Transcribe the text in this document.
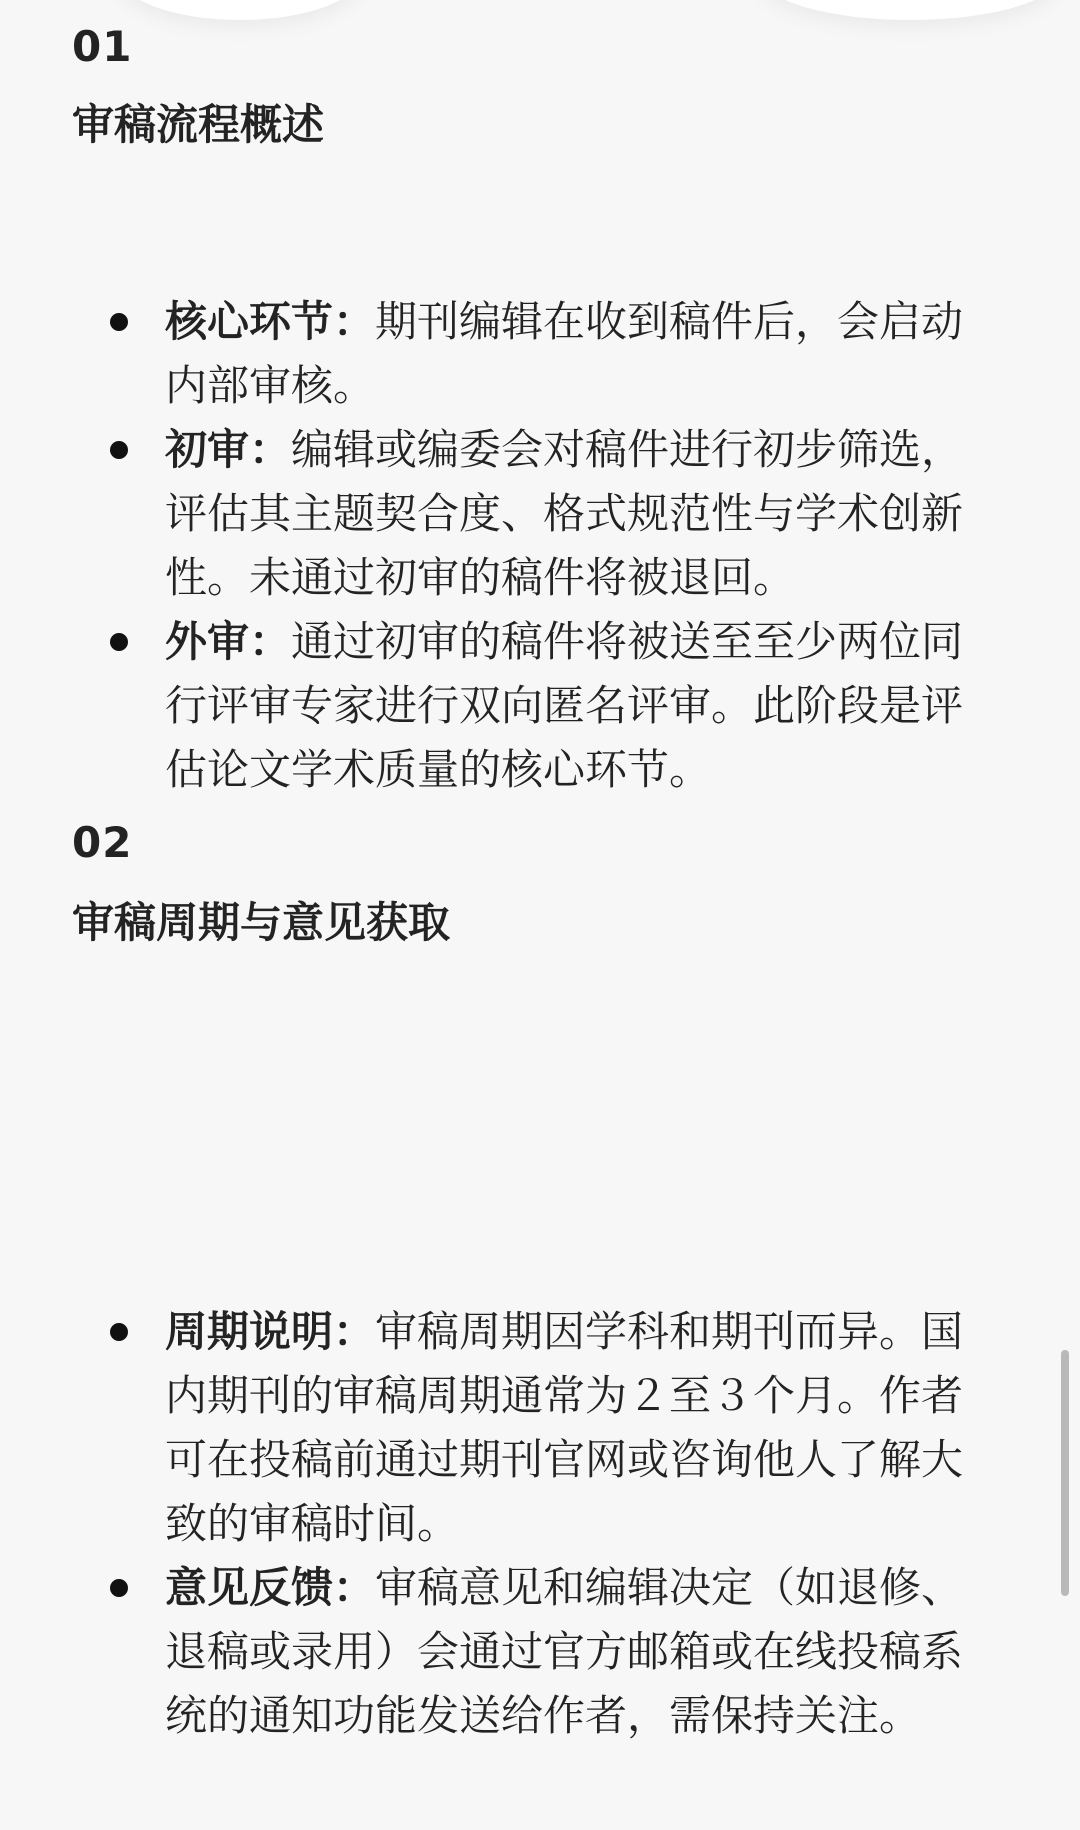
01
审稿流程概述
核心环节：期刊编辑在收到稿件后，会启动内部审核。
初审：编辑或编委会对稿件进行初步筛选，评估其主题契合度、格式规范性与学术创新性。未通过初审的稿件将被退回。
外审：通过初审的稿件将被送至至少两位同行评审专家进行双向匿名评审。此阶段是评估论文学术质量的核心环节。
02
审稿周期与意见获取
周期说明：审稿周期因学科和期刊而异。国内期刊的审稿周期通常为２至３个月。作者可在投稿前通过期刊官网或咨询他人了解大致的审稿时间。
意见反馈：审稿意见和编辑决定（如退修、退稿或录用）会通过官方邮箱或在线投稿系统的通知功能发送给作者，需保持关注。
